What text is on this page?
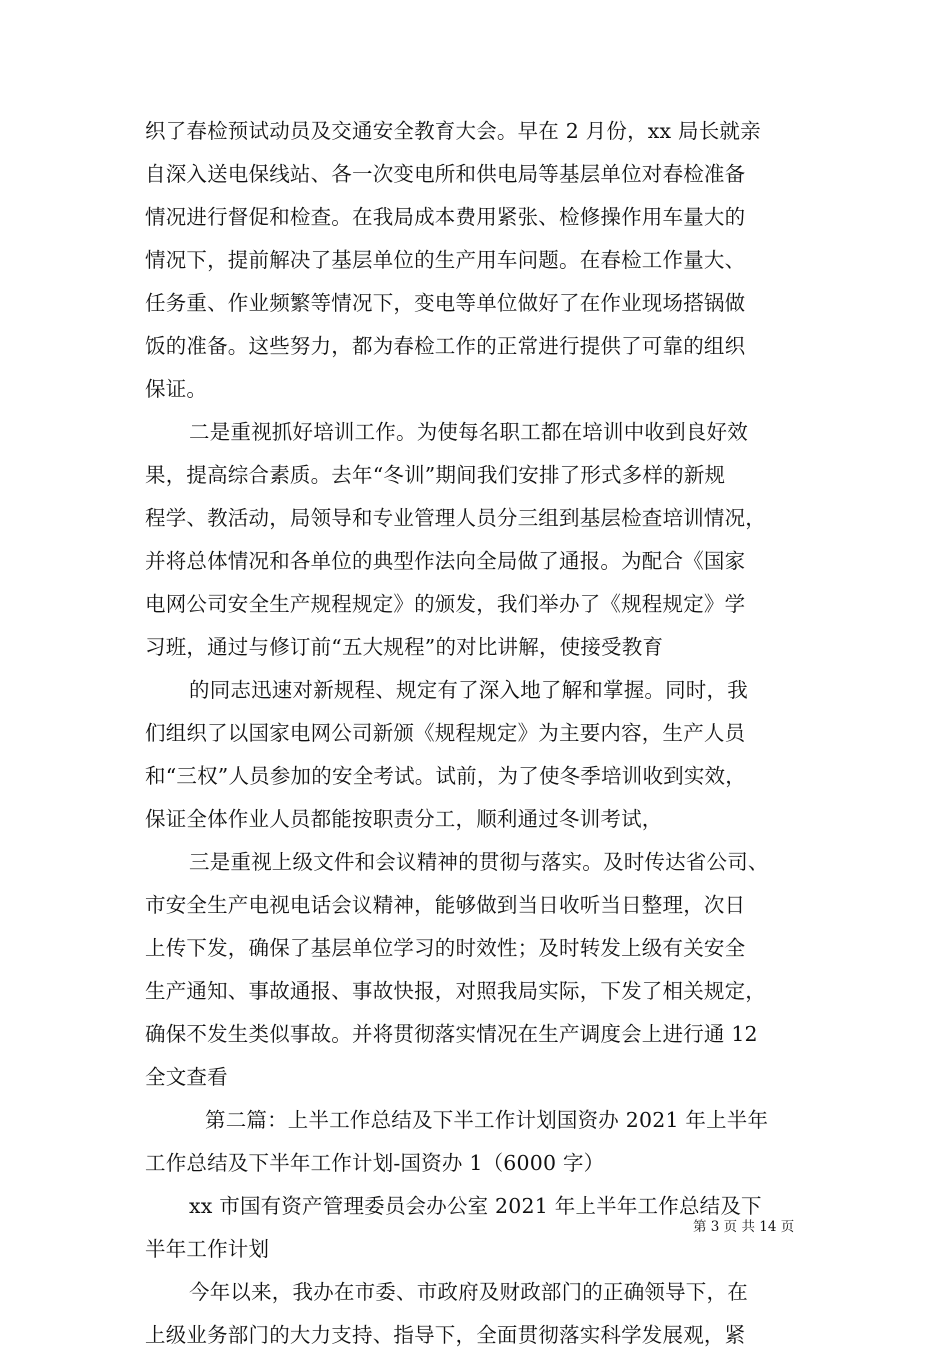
织了春检预试动员及交通安全教育大会。早在 2 月份，xx 局长就亲
自深入送电保线站、各一次变电所和供电局等基层单位对春检准备
情况进行督促和检查。在我局成本费用紧张、检修操作用车量大的
情况下，提前解决了基层单位的生产用车问题。在春检工作量大、
任务重、作业频繁等情况下，变电等单位做好了在作业现场搭锅做
饭的准备。这些努力，都为春检工作的正常进行提供了可靠的组织
保证。
二是重视抓好培训工作。为使每名职工都在培训中收到良好效
果，提高综合素质。去年“冬训”期间我们安排了形式多样的新规
程学、教活动，局领导和专业管理人员分三组到基层检查培训情况，
并将总体情况和各单位的典型作法向全局做了通报。为配合《国家
电网公司安全生产规程规定》的颁发，我们举办了《规程规定》学
习班，通过与修订前“五大规程”的对比讲解，使接受教育
的同志迅速对新规程、规定有了深入地了解和掌握。同时，我
们组织了以国家电网公司新颁《规程规定》为主要内容，生产人员
和“三权”人员参加的安全考试。试前，为了使冬季培训收到实效，
保证全体作业人员都能按职责分工，顺利通过冬训考试，
三是重视上级文件和会议精神的贯彻与落实。及时传达省公司、
市安全生产电视电话会议精神，能够做到当日收听当日整理，次日
上传下发，确保了基层单位学习的时效性；及时转发上级有关安全
生产通知、事故通报、事故快报，对照我局实际，下发了相关规定，
确保不发生类似事故。并将贯彻落实情况在生产调度会上进行通 12
全文查看
第二篇：上半工作总结及下半工作计划国资办 2021 年上半年
工作总结及下半年工作计划-国资办 1（6000 字）
xx 市国有资产管理委员会办公室 2021 年上半年工作总结及下
半年工作计划
今年以来，我办在市委、市政府及财政部门的正确领导下，在
上级业务部门的大力支持、指导下，全面贯彻落实科学发展观，紧
第 3 页 共 14 页
